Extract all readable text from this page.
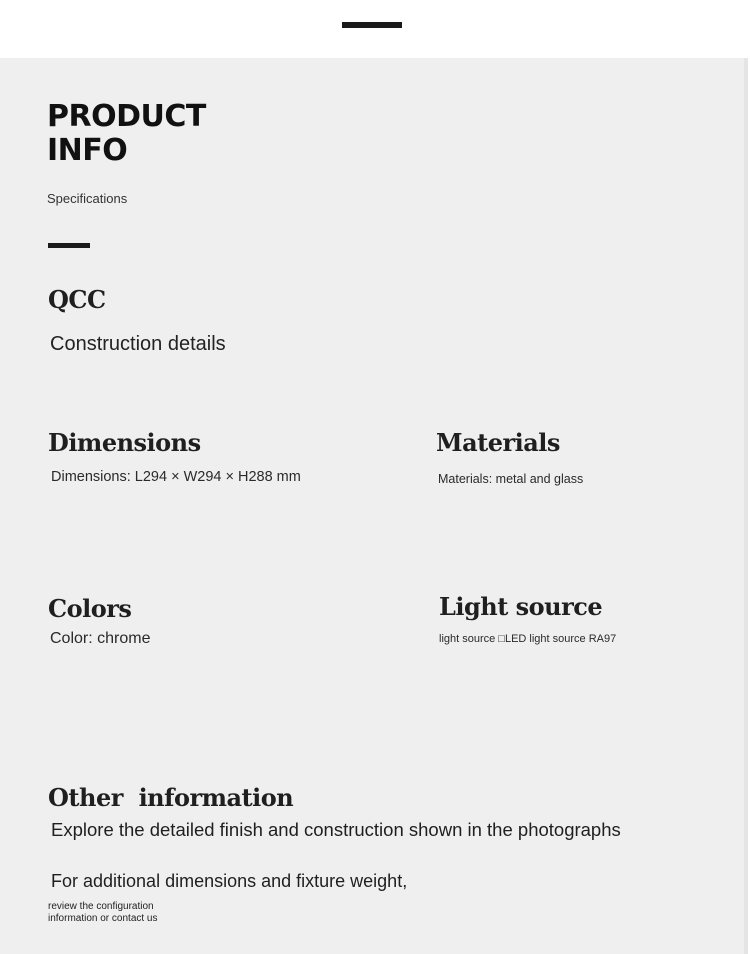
PRODUCT
INFO
Specifications
QCC
Construction details
Dimensions
Dimensions: L294 × W294 × H288 mm
Materials
Materials: metal and glass
Colors
Color: chrome
Light source
light source □LED light source RA97
Other  information
Explore the detailed finish and construction shown in the photographs
For additional dimensions and fixture weight,

review the configuration
information or contact us
